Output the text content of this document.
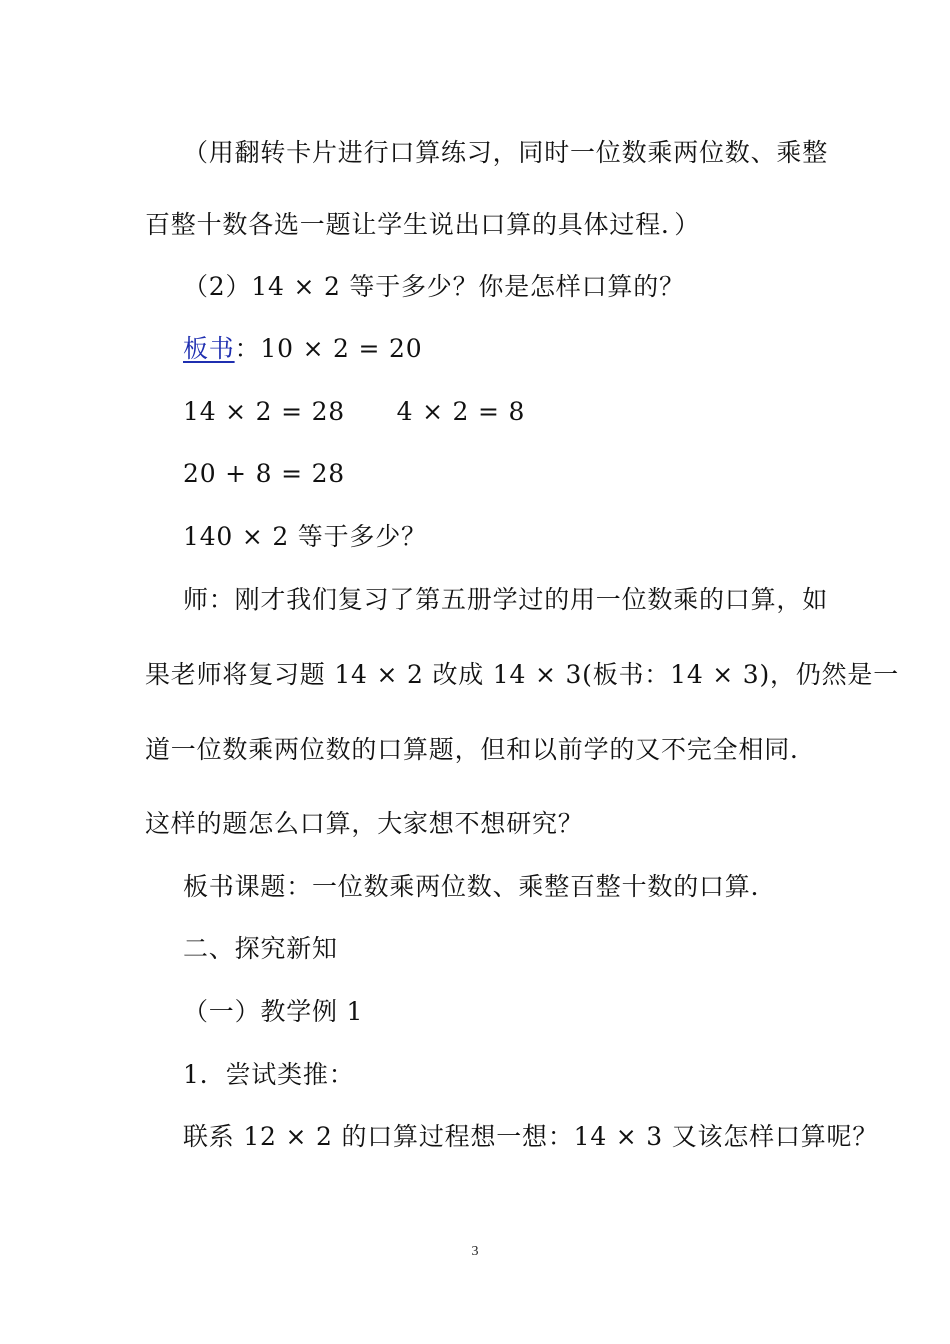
（用翻转卡片进行口算练习，同时一位数乘两位数、乘整
百整十数各选一题让学生说出口算的具体过程．）
（2）14 × 2 等于多少？你是怎样口算的？
板书：10 × 2 = 20
14 × 2 = 28　　4 × 2 = 8
20 + 8 = 28
140 × 2 等于多少？
师：刚才我们复习了第五册学过的用一位数乘的口算，如
果老师将复习题 14 × 2 改成 14 × 3(板书：14 × 3)，仍然是一
道一位数乘两位数的口算题，但和以前学的又不完全相同．
这样的题怎么口算，大家想不想研究？
板书课题：一位数乘两位数、乘整百整十数的口算．
二、探究新知
（一）教学例 1
1．尝试类推：
联系 12 × 2 的口算过程想一想：14 × 3 又该怎样口算呢？
3
